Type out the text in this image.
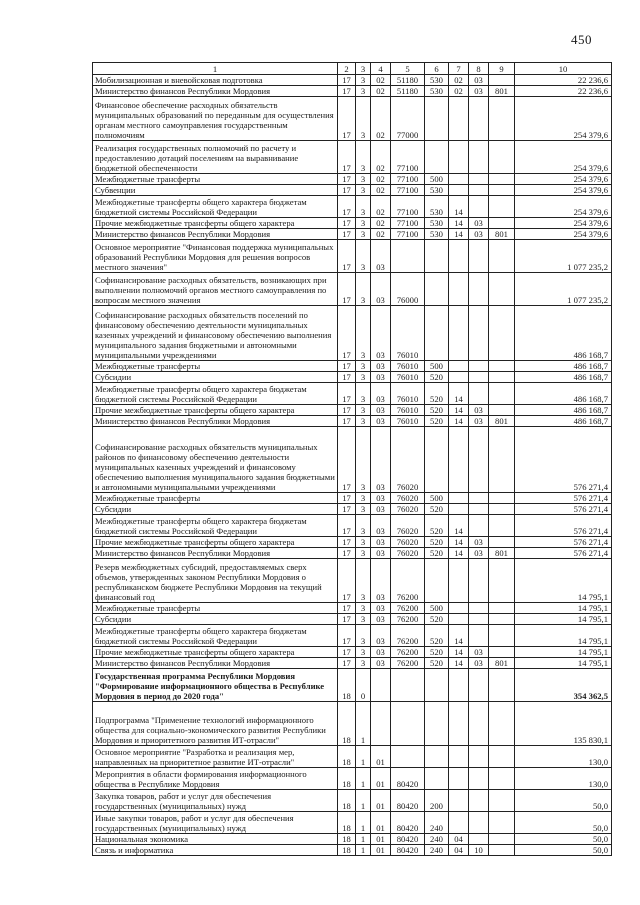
450
1	2	3	4	5	6	7	8	9	10
Мобилизационная и вневойсковая подготовка	17	3	02	51180	530	02	03		22 236,6
Министерство финансов Республики Мордовия	17	3	02	51180	530	02	03	801	22 236,6
Финансовое обеспечение расходных обязательств муниципальных образований по переданным для осуществления органам местного самоуправления государственным полномочиям	17	3	02	77000					254 379,6
Реализация государственных полномочий по расчету и предоставлению дотаций поселениям на выравнивание бюджетной обеспеченности	17	3	02	77100					254 379,6
Межбюджетные трансферты	17	3	02	77100	500				254 379,6
Субвенции	17	3	02	77100	530				254 379,6
Межбюджетные трансферты общего характера бюджетам бюджетной системы Российской Федерации	17	3	02	77100	530	14			254 379,6
Прочие межбюджетные трансферты общего характера	17	3	02	77100	530	14	03		254 379,6
Министерство финансов Республики Мордовия	17	3	02	77100	530	14	03	801	254 379,6
Основное мероприятие "Финансовая поддержка муниципальных образований Республики Мордовия для решения вопросов местного значения"	17	3	03						1 077 235,2
Софинансирование расходных обязательств, возникающих при выполнении полномочий органов местного самоуправления по вопросам местного значения	17	3	03	76000					1 077 235,2
Софинансирование расходных обязательств поселений по финансовому обеспечению деятельности муниципальных казенных учреждений и финансовому обеспечению выполнения муниципального задания бюджетными и автономными муниципальными учреждениями	17	3	03	76010					486 168,7
Межбюджетные трансферты	17	3	03	76010	500				486 168,7
Субсидии	17	3	03	76010	520				486 168,7
Межбюджетные трансферты общего характера бюджетам бюджетной системы Российской Федерации	17	3	03	76010	520	14			486 168,7
Прочие межбюджетные трансферты общего характера	17	3	03	76010	520	14	03		486 168,7
Министерство финансов Республики Мордовия	17	3	03	76010	520	14	03	801	486 168,7
Софинансирование расходных обязательств муниципальных районов по финансовому обеспечению деятельности муниципальных казенных учреждений и финансовому обеспечению выполнения муниципального задания бюджетными и автономными муниципальными учреждениями	17	3	03	76020					576 271,4
Межбюджетные трансферты	17	3	03	76020	500				576 271,4
Субсидии	17	3	03	76020	520				576 271,4
Межбюджетные трансферты общего характера бюджетам бюджетной системы Российской Федерации	17	3	03	76020	520	14			576 271,4
Прочие межбюджетные трансферты общего характера	17	3	03	76020	520	14	03		576 271,4
Министерство финансов Республики Мордовия	17	3	03	76020	520	14	03	801	576 271,4
Резерв межбюджетных субсидий, предоставляемых сверх объемов, утвержденных законом Республики Мордовия о республиканском бюджете Республики Мордовия на текущий финансовый год	17	3	03	76200					14 795,1
Межбюджетные трансферты	17	3	03	76200	500				14 795,1
Субсидии	17	3	03	76200	520				14 795,1
Межбюджетные трансферты общего характера бюджетам бюджетной системы Российской Федерации	17	3	03	76200	520	14			14 795,1
Прочие межбюджетные трансферты общего характера	17	3	03	76200	520	14	03		14 795,1
Министерство финансов Республики Мордовия	17	3	03	76200	520	14	03	801	14 795,1
Государственная программа Республики Мордовия "Формирование информационного общества в Республике Мордовия в период до 2020 года"	18	0							354 362,5
Подпрограмма "Применение технологий информационного общества для социально-экономического развития Республики Мордовия и приоритетного развития ИТ-отрасли"	18	1							135 830,1
Основное мероприятие "Разработка и реализация мер, направленных на приоритетное развитие ИТ-отрасли"	18	1	01						130,0
Мероприятия в области формирования информационного общества в Республике Мордовия	18	1	01	80420					130,0
Закупка товаров, работ и услуг для обеспечения государственных (муниципальных) нужд	18	1	01	80420	200				50,0
Иные закупки товаров, работ и услуг для обеспечения государственных (муниципальных) нужд	18	1	01	80420	240				50,0
Национальная экономика	18	1	01	80420	240	04			50,0
Связь и информатика	18	1	01	80420	240	04	10		50,0
